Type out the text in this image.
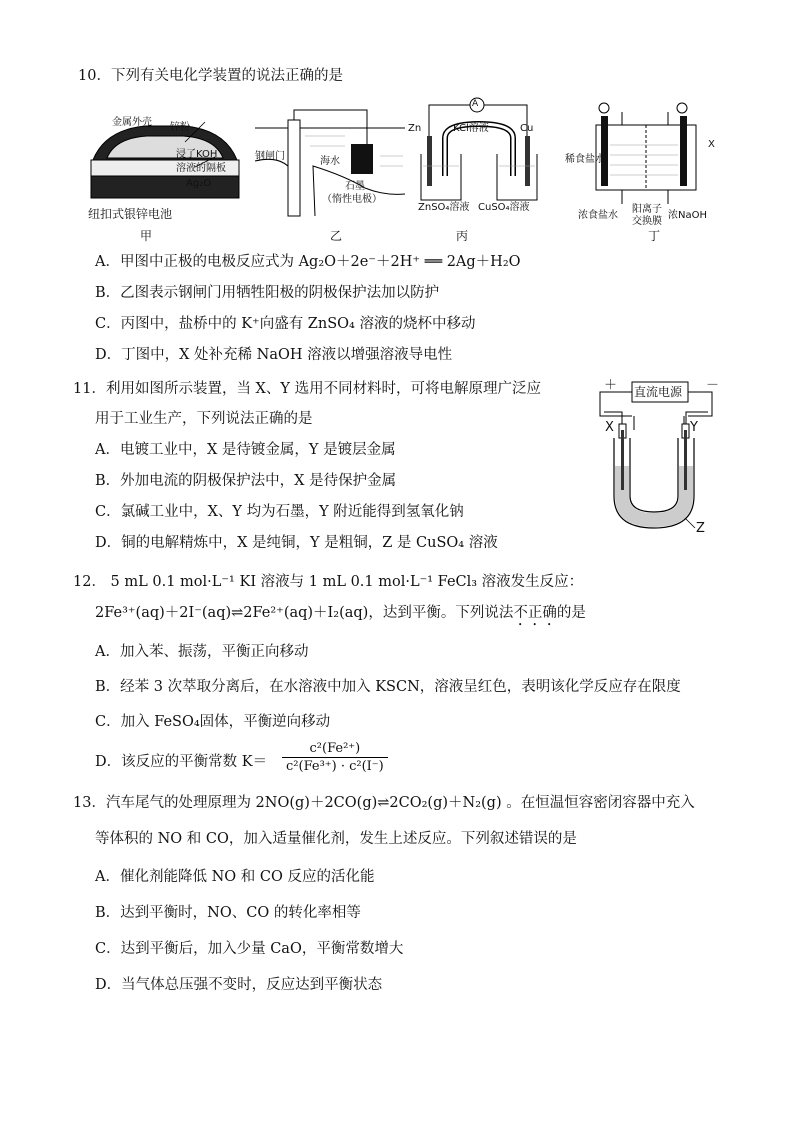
10．下列有关电化学装置的说法正确的是
金属外壳 锌粉
浸了KOH
溶液的隔板
Ag₂O
纽扣式银锌电池
甲
钢闸门	海水
石墨
（惰性电极）
乙
A
Zn	KCl溶液	Cu
ZnSO₄溶液 CuSO₄溶液
丙
稀食盐水
X
浓食盐水
阳离子
交换膜
浓NaOH
丁
A．甲图中正极的电极反应式为 Ag₂O＋2e⁻＋2H⁺ ══ 2Ag＋H₂O
B．乙图表示钢闸门用牺牲阳极的阴极保护法加以防护
C．丙图中，盐桥中的 K⁺向盛有 ZnSO₄ 溶液的烧杯中移动
D．丁图中，X 处补充稀 NaOH 溶液以增强溶液导电性
11．利用如图所示装置，当 X、Y 选用不同材料时，可将电解原理广泛应
用于工业生产，下列说法正确的是
A．电镀工业中，X 是待镀金属，Y 是镀层金属
B．外加电流的阴极保护法中，X 是待保护金属
C．氯碱工业中，X、Y 均为石墨，Y 附近能得到氢氧化钠
D．铜的电解精炼中，X 是纯铜，Y 是粗铜，Z 是 CuSO₄ 溶液
＋ 直流电源 －
X	Y
Z
12． 5 mL 0.1 mol·L⁻¹ KI 溶液与 1 mL 0.1 mol·L⁻¹ FeCl₃ 溶液发生反应：
2Fe³⁺(aq)＋2I⁻(aq)⇌2Fe²⁺(aq)＋I₂(aq)，达到平衡。下列说法不正确的是
A．加入苯、振荡，平衡正向移动
B．经苯 3 次萃取分离后，在水溶液中加入 KSCN，溶液呈红色，表明该化学反应存在限度
C．加入 FeSO₄固体，平衡逆向移动
D．该反应的平衡常数 K＝
c²(Fe²⁺)
c²(Fe³⁺) · c²(I⁻)
13．汽车尾气的处理原理为 2NO(g)＋2CO(g)⇌2CO₂(g)＋N₂(g) 。在恒温恒容密闭容器中充入
等体积的 NO 和 CO，加入适量催化剂，发生上述反应。下列叙述错误的是
A．催化剂能降低 NO 和 CO 反应的活化能
B．达到平衡时，NO、CO 的转化率相等
C．达到平衡后，加入少量 CaO，平衡常数增大
D．当气体总压强不变时，反应达到平衡状态
